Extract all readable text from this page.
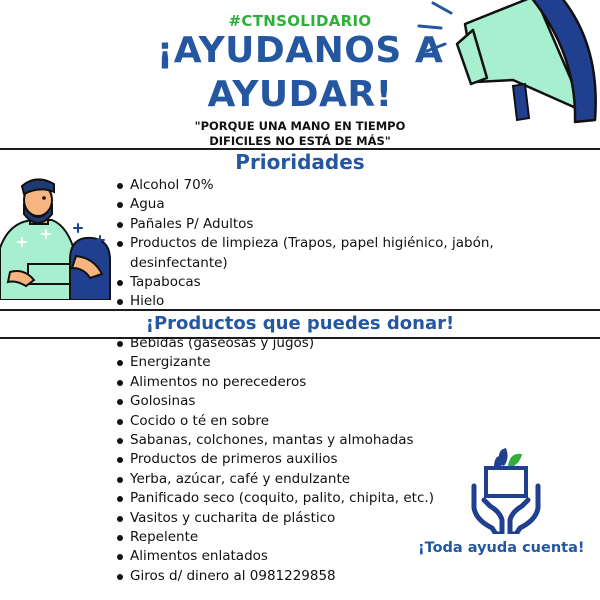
#CTNSOLIDARIO
¡AYUDANOS A
AYUDAR!
"PORQUE UNA MANO EN TIEMPO
DIFICILES NO ESTÁ DE MÁS"
Prioridades
¡Productos que puedes donar!
Alcohol 70%
Agua
Pañales P/ Adultos
Productos de limpieza (Trapos, papel higiénico, jabón,
desinfectante)
Tapabocas
Hielo
Bebidas (gaseosas y jugos)
Energizante
Alimentos no perecederos
Golosinas
Cocido o té en sobre
Sabanas, colchones, mantas y almohadas
Productos de primeros auxilios
Yerba, azúcar, café y endulzante
Panificado seco (coquito, palito, chipita, etc.)
Vasitos y cucharita de plástico
Repelente
Alimentos enlatados
Giros d/ dinero al 0981229858
¡Toda ayuda cuenta!
